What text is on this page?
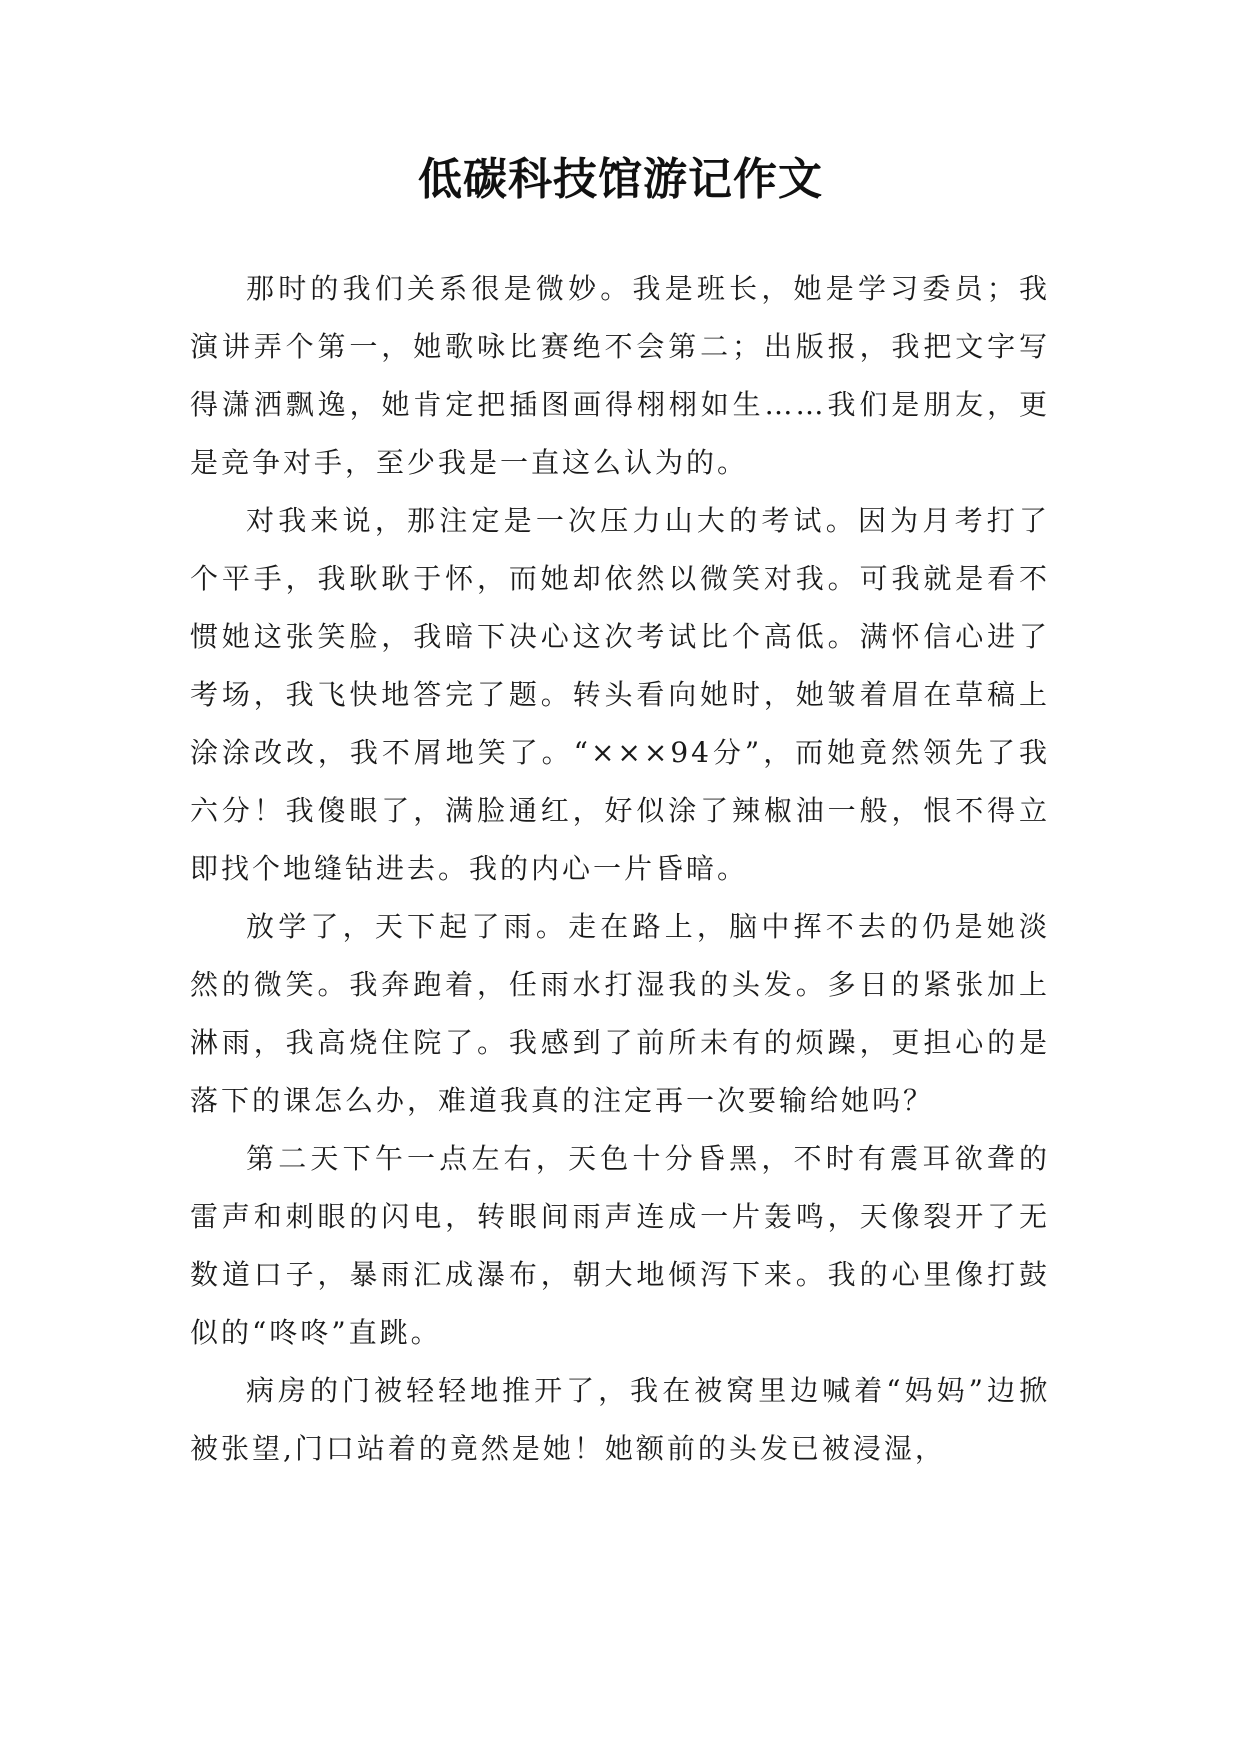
低碳科技馆游记作文

那时的我们关系很是微妙。我是班长，她是学习委员；我演讲弄个第一，她歌咏比赛绝不会第二；出版报，我把文字写得潇洒飘逸，她肯定把插图画得栩栩如生……我们是朋友，更是竞争对手，至少我是一直这么认为的。

对我来说，那注定是一次压力山大的考试。因为月考打了个平手，我耿耿于怀，而她却依然以微笑对我。可我就是看不惯她这张笑脸，我暗下决心这次考试比个高低。满怀信心进了考场，我飞快地答完了题。转头看向她时，她皱着眉在草稿上涂涂改改，我不屑地笑了。“×××94分”，而她竟然领先了我六分！我傻眼了，满脸通红，好似涂了辣椒油一般，恨不得立即找个地缝钻进去。我的内心一片昏暗。

放学了，天下起了雨。走在路上，脑中挥不去的仍是她淡然的微笑。我奔跑着，任雨水打湿我的头发。多日的紧张加上淋雨，我高烧住院了。我感到了前所未有的烦躁，更担心的是落下的课怎么办，难道我真的注定再一次要输给她吗？

第二天下午一点左右，天色十分昏黑，不时有震耳欲聋的雷声和刺眼的闪电，转眼间雨声连成一片轰鸣，天像裂开了无数道口子，暴雨汇成瀑布，朝大地倾泻下来。我的心里像打鼓似的“咚咚”直跳。

病房的门被轻轻地推开了，我在被窝里边喊着“妈妈”边掀被张望,门口站着的竟然是她！她额前的头发已被浸湿，
